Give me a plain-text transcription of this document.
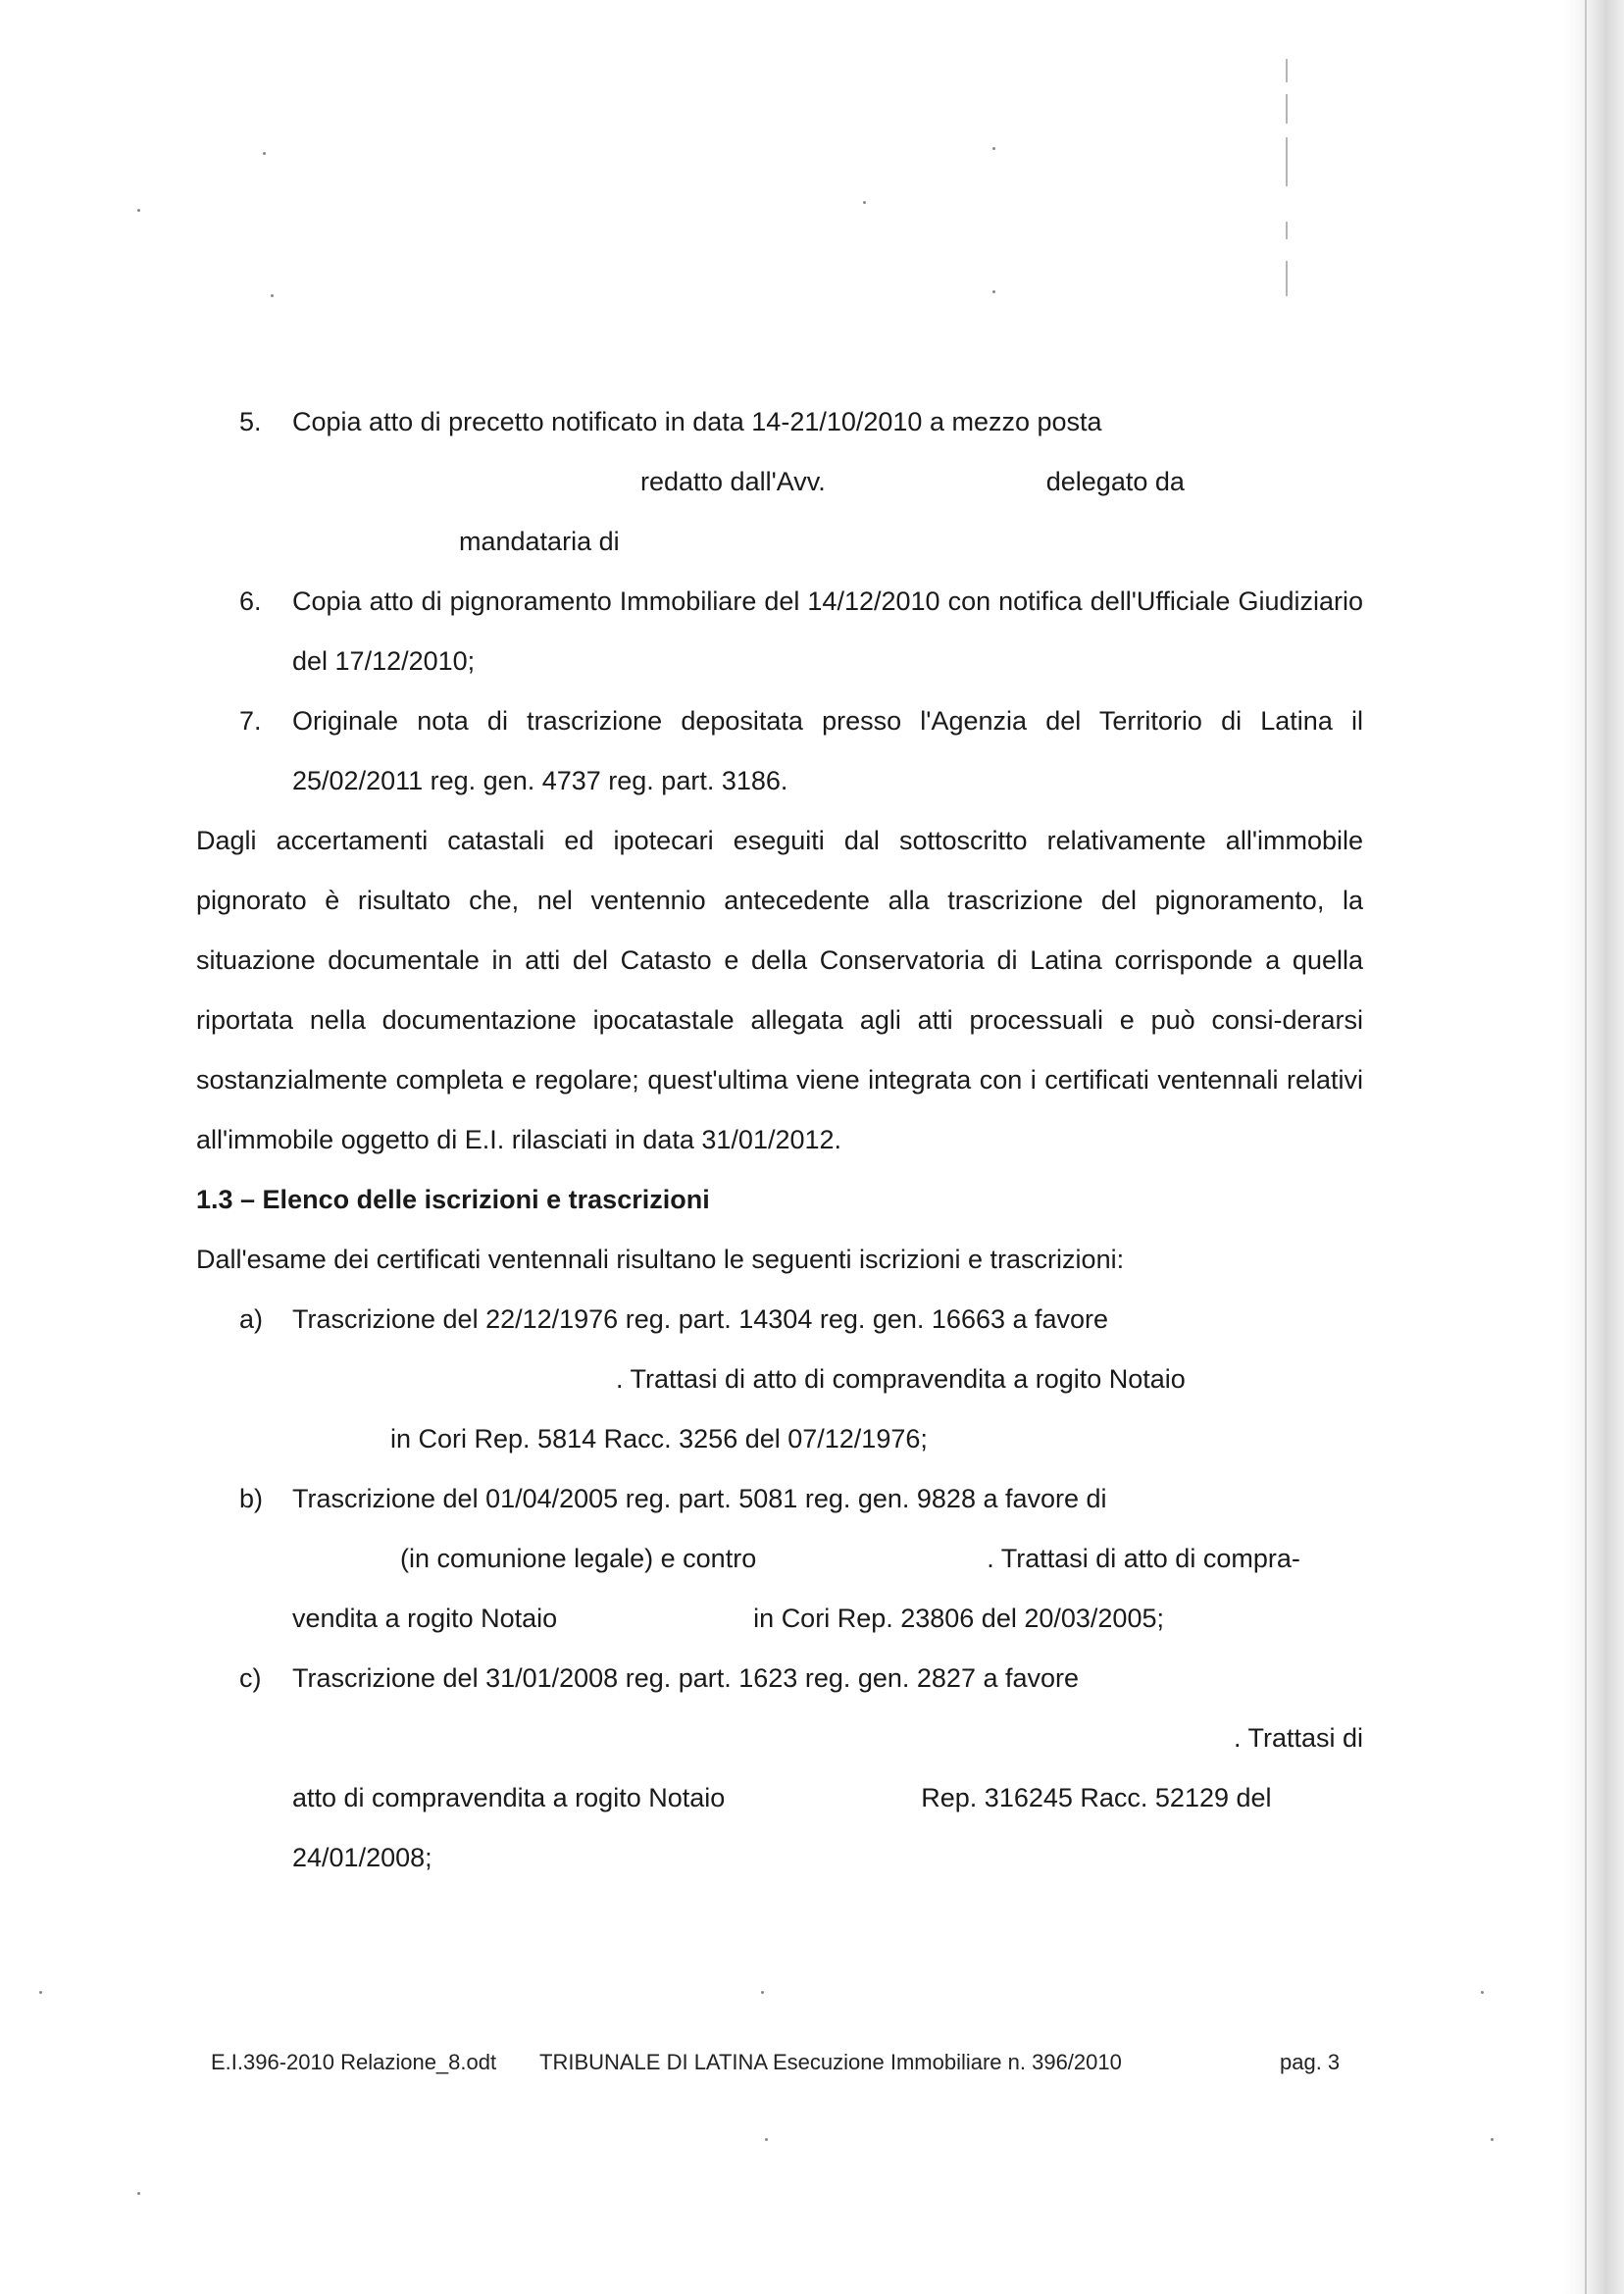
5. Copia atto di precetto notificato in data 14-21/10/2010 a mezzo posta
redatto dall'Avv.	delegato da
mandataria di
6. Copia atto di pignoramento Immobiliare del 14/12/2010 con notifica dell'Ufficiale Giudiziario del 17/12/2010;
7. Originale nota di trascrizione depositata presso l'Agenzia del Territorio di Latina il 25/02/2011 reg. gen. 4737 reg. part. 3186.
Dagli accertamenti catastali ed ipotecari eseguiti dal sottoscritto relativamente all'immobile pignorato è risultato che, nel ventennio antecedente alla trascrizione del pignoramento, la situazione documentale in atti del Catasto e della Conservatoria di Latina corrisponde a quella riportata nella documentazione ipocatastale allegata agli atti processuali e può consi-derarsi sostanzialmente completa e regolare; quest'ultima viene integrata con i certificati ventennali relativi all'immobile oggetto di E.I. rilasciati in data 31/01/2012.
1.3 – Elenco delle iscrizioni e trascrizioni
Dall'esame dei certificati ventennali risultano le seguenti iscrizioni e trascrizioni:
a) Trascrizione del 22/12/1976 reg. part. 14304 reg. gen. 16663 a favore
. Trattasi di atto di compravendita a rogito Notaio
in Cori Rep. 5814 Racc. 3256 del 07/12/1976;
b) Trascrizione del 01/04/2005 reg. part. 5081 reg. gen. 9828 a favore di
(in comunione legale) e contro	. Trattasi di atto di compra-
vendita a rogito Notaio	in Cori Rep. 23806 del 20/03/2005;
c) Trascrizione del 31/01/2008 reg. part. 1623 reg. gen. 2827 a favore
. Trattasi di
atto di compravendita a rogito Notaio	Rep. 316245 Racc. 52129 del
24/01/2008;
E.I.396-2010 Relazione_8.odt TRIBUNALE DI LATINA Esecuzione Immobiliare n. 396/2010	pag. 3
